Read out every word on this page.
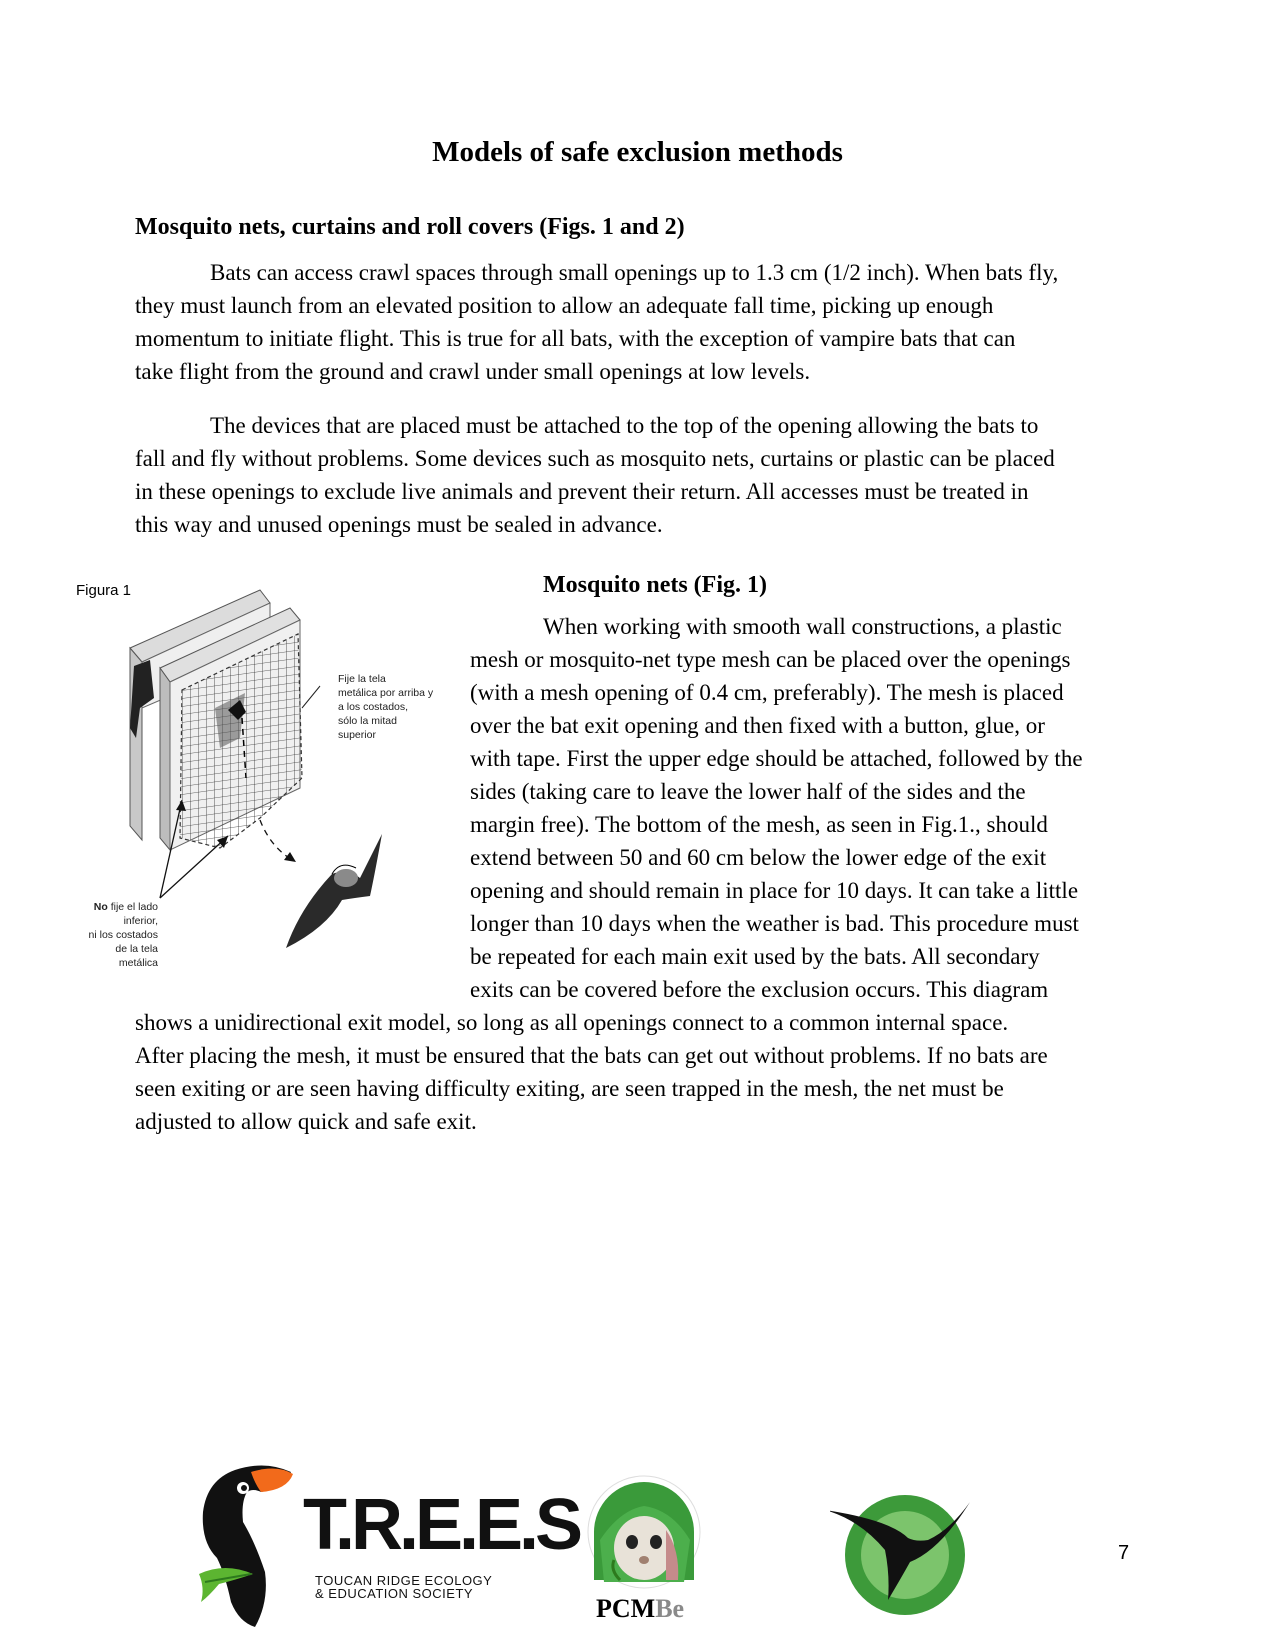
Models of safe exclusion methods
Mosquito nets, curtains and roll covers (Figs. 1 and 2)
Bats can access crawl spaces through small openings up to 1.3 cm (1/2 inch). When bats fly,
they must launch from an elevated position to allow an adequate fall time, picking up enough
momentum to initiate flight. This is true for all bats, with the exception of vampire bats that can
take flight from the ground and crawl under small openings at low levels.
The devices that are placed must be attached to the top of the opening allowing the bats to
fall and fly without problems. Some devices such as mosquito nets, curtains or plastic can be placed
in these openings to exclude live animals and prevent their return. All accesses must be treated in
this way and unused openings must be sealed in advance.
Figura 1
Fije la tela
metálica por arriba y
a los costados,
sólo la mitad
superior
No fije el lado
inferior,
ni los costados
de la tela
metálica
Mosquito nets (Fig. 1)
When working with smooth wall constructions, a plastic
mesh or mosquito-net type mesh can be placed over the openings
(with a mesh opening of 0.4 cm, preferably). The mesh is placed
over the bat exit opening and then fixed with a button, glue, or
with tape. First the upper edge should be attached, followed by the
sides (taking care to leave the lower half of the sides and the
margin free). The bottom of the mesh, as seen in Fig.1., should
extend between 50 and 60 cm below the lower edge of the exit
opening and should remain in place for 10 days. It can take a little
longer than 10 days when the weather is bad. This procedure must
be repeated for each main exit used by the bats. All secondary
exits can be covered before the exclusion occurs. This diagram
shows a unidirectional exit model, so long as all openings connect to a common internal space.
After placing the mesh, it must be ensured that the bats can get out without problems. If no bats are
seen exiting or are seen having difficulty exiting, are seen trapped in the mesh, the net must be
adjusted to allow quick and safe exit.
T.R.E.E.S
TOUCAN RIDGE ECOLOGY
& EDUCATION SOCIETY
PCMBe
7
